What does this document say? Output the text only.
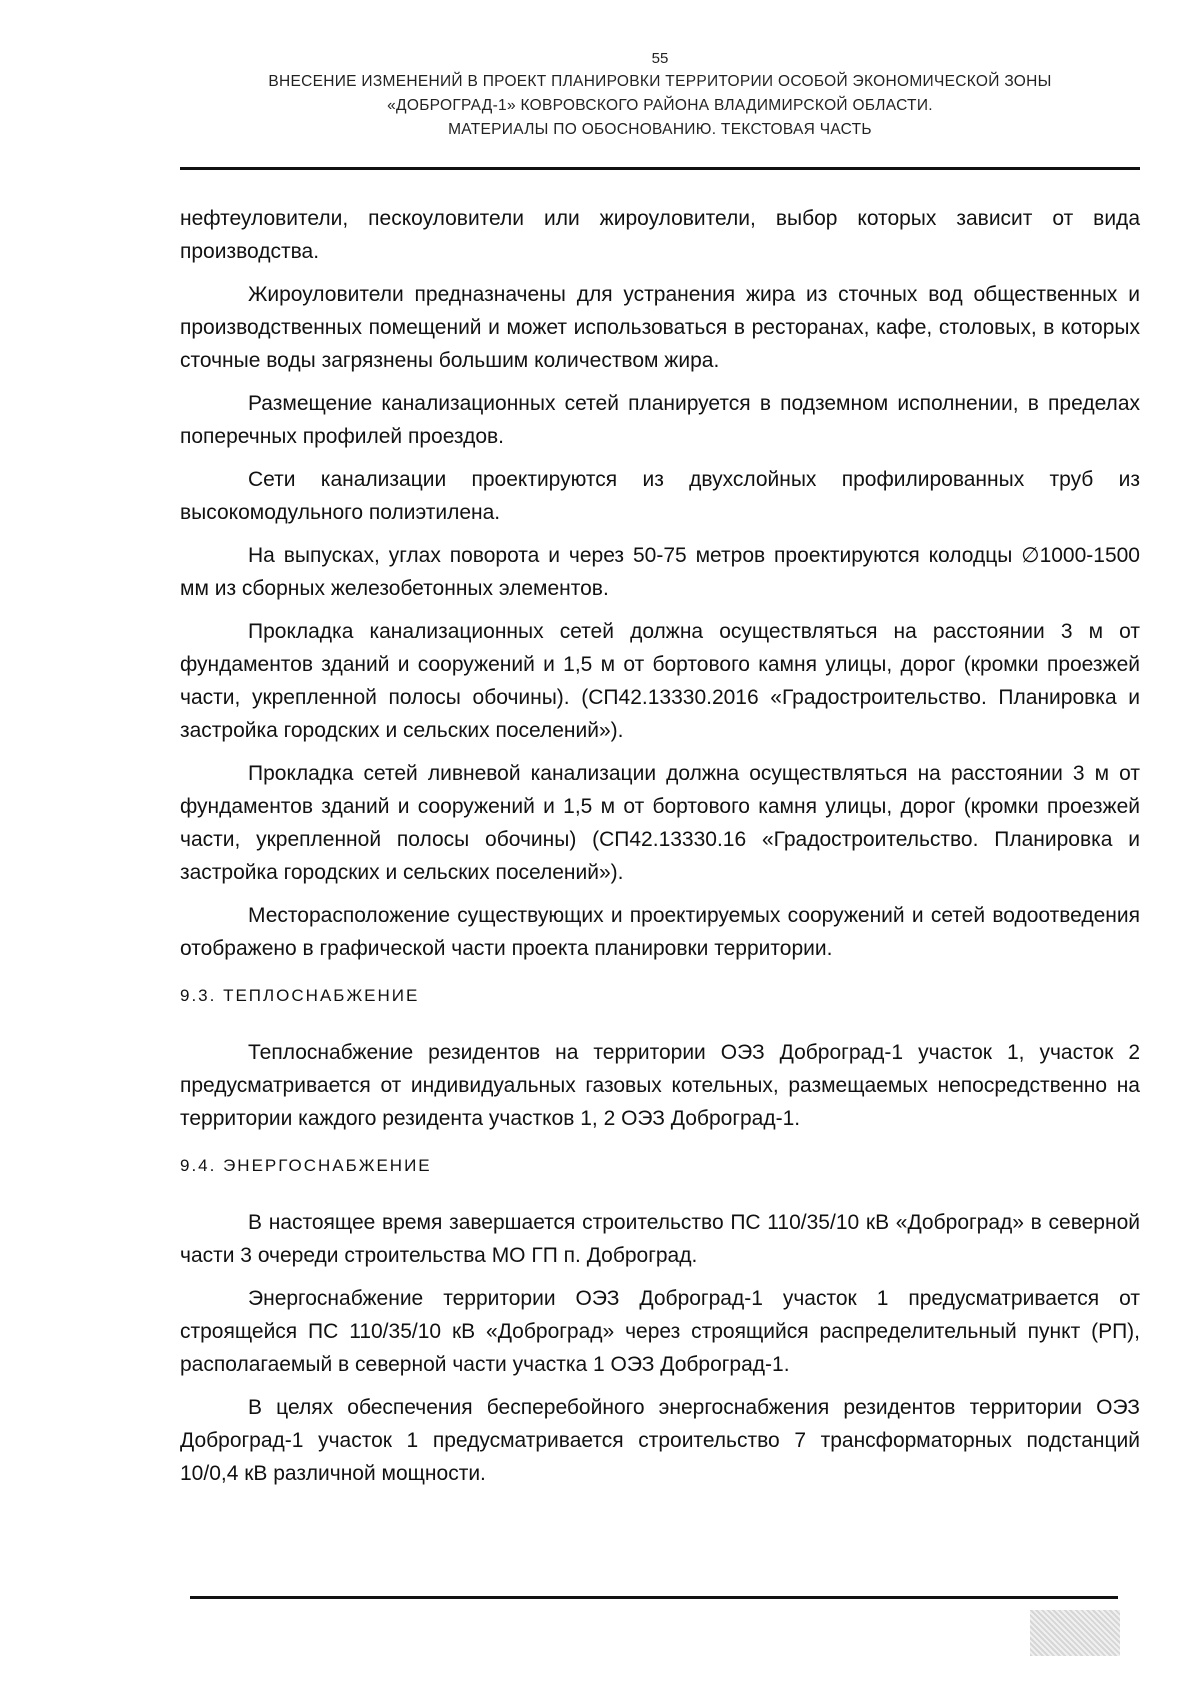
55
ВНЕСЕНИЕ ИЗМЕНЕНИЙ В ПРОЕКТ ПЛАНИРОВКИ ТЕРРИТОРИИ ОСОБОЙ ЭКОНОМИЧЕСКОЙ ЗОНЫ
«ДОБРОГРАД-1» КОВРОВСКОГО РАЙОНА ВЛАДИМИРСКОЙ ОБЛАСТИ.
МАТЕРИАЛЫ ПО ОБОСНОВАНИЮ. ТЕКСТОВАЯ ЧАСТЬ

нефтеуловители, пескоуловители или жироуловители, выбор которых зависит от вида производства.

Жироуловители предназначены для устранения жира из сточных вод общественных и производственных помещений и может использоваться в ресторанах, кафе, столовых, в которых сточные воды загрязнены большим количеством жира.

Размещение канализационных сетей планируется в подземном исполнении, в пределах поперечных профилей проездов.

Сети канализации проектируются из двухслойных профилированных труб из высокомодульного полиэтилена.

На выпусках, углах поворота и через 50-75 метров проектируются колодцы ∅1000-1500 мм из сборных железобетонных элементов.

Прокладка канализационных сетей должна осуществляться на расстоянии 3 м от фундаментов зданий и сооружений и 1,5 м от бортового камня улицы, дорог (кромки проезжей части, укрепленной полосы обочины). (СП42.13330.2016 «Градостроительство. Планировка и застройка городских и сельских поселений»).

Прокладка сетей ливневой канализации должна осуществляться на расстоянии 3 м от фундаментов зданий и сооружений и 1,5 м от бортового камня улицы, дорог (кромки проезжей части, укрепленной полосы обочины) (СП42.13330.16 «Градостроительство. Планировка и застройка городских и сельских поселений»).

Месторасположение существующих и проектируемых сооружений и сетей водоотведения отображено в графической части проекта планировки территории.

9.3. ТЕПЛОСНАБЖЕНИЕ

Теплоснабжение резидентов на территории ОЭЗ Доброград-1 участок 1, участок 2 предусматривается от индивидуальных газовых котельных, размещаемых непосредственно на территории каждого резидента участков 1, 2 ОЭЗ Доброград-1.

9.4. ЭНЕРГОСНАБЖЕНИЕ

В настоящее время завершается строительство ПС 110/35/10 кВ «Доброград» в северной части 3 очереди строительства МО ГП п. Доброград.

Энергоснабжение территории ОЭЗ Доброград-1 участок 1 предусматривается от строящейся ПС 110/35/10 кВ «Доброград» через строящийся распределительный пункт (РП), располагаемый в северной части участка 1 ОЭЗ Доброград-1.

В целях обеспечения бесперебойного энергоснабжения резидентов территории ОЭЗ Доброград-1 участок 1 предусматривается строительство 7 трансформаторных подстанций 10/0,4 кВ различной мощности.
